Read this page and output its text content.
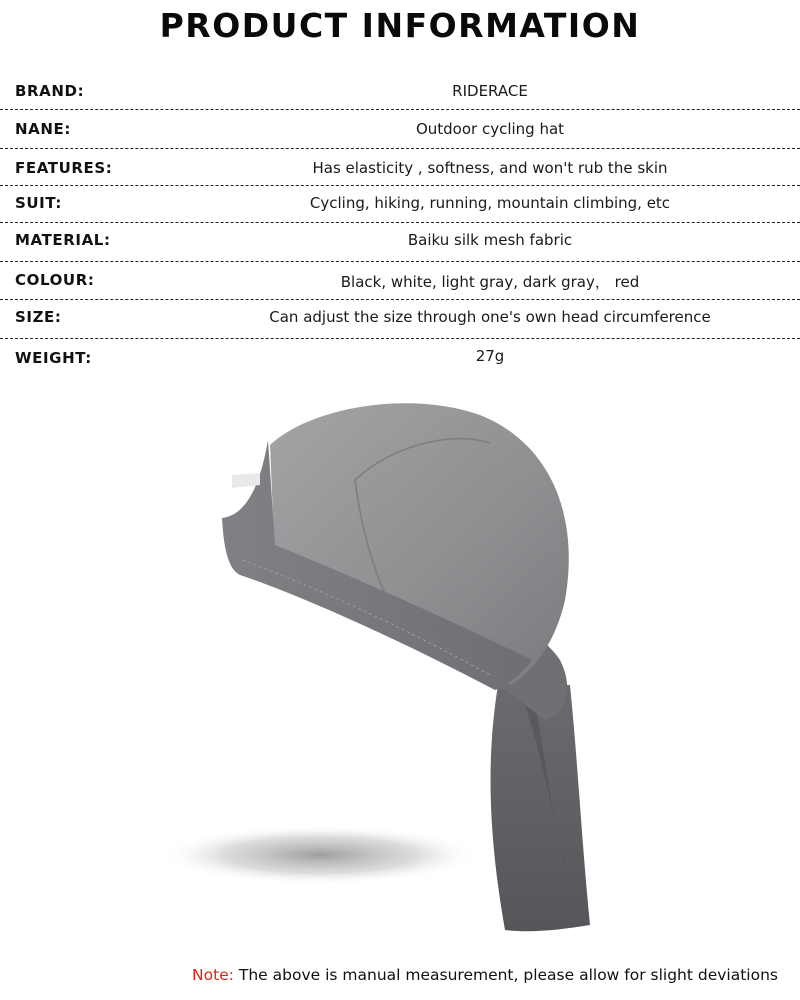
PRODUCT INFORMATION
BRAND:	RIDERACE
NANE:	Outdoor cycling hat
FEATURES:	Has elasticity , softness, and won't rub the skin
SUIT:	Cycling, hiking, running, mountain climbing, etc
MATERIAL:	Baiku silk mesh fabric
COLOUR:	Black, white, light gray, dark gray， red
SIZE:	Can adjust the size through one's own head circumference
WEIGHT:	27g
Note: The above is manual measurement, please allow for slight deviations
